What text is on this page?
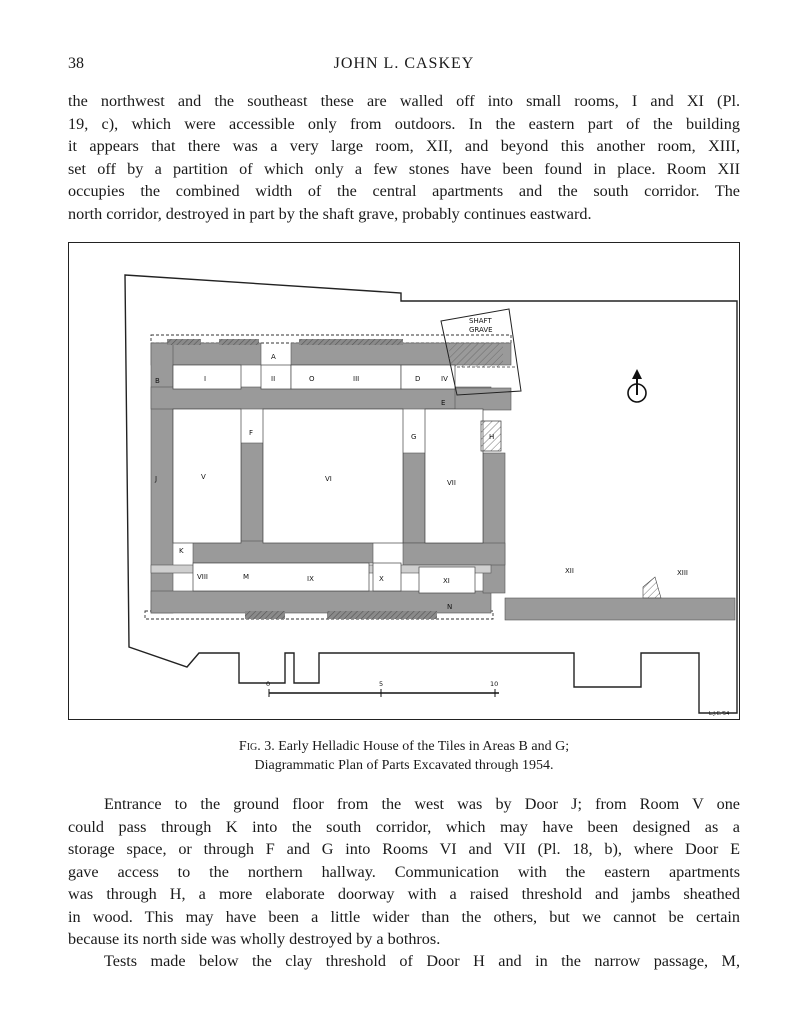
38	JOHN L. CASKEY
the northwest and the southeast these are walled off into small rooms, I and XI (Pl.
19, c), which were accessible only from outdoors. In the eastern part of the building
it appears that there was a very large room, XII, and beyond this another room, XIII,
set off by a partition of which only a few stones have been found in place. Room XII
occupies the combined width of the central apartments and the south corridor. The
north corridor, destroyed in part by the shaft grave, probably continues eastward.
0	5	10
SHAFT
GRAVE
A
B	I	II	O	III	D	IV
E
F	G	H
J	V	VI	VII
K
VIII	M	IX	X	XI
N
XII	XIII
L.J.C.'54
Fig. 3. Early Helladic House of the Tiles in Areas B and G;
Diagrammatic Plan of Parts Excavated through 1954.
Entrance to the ground floor from the west was by Door J; from Room V one
could pass through K into the south corridor, which may have been designed as a
storage space, or through F and G into Rooms VI and VII (Pl. 18, b), where Door E
gave access to the northern hallway. Communication with the eastern apartments
was through H, a more elaborate doorway with a raised threshold and jambs sheathed
in wood. This may have been a little wider than the others, but we cannot be certain
because its north side was wholly destroyed by a bothros.
Tests made below the clay threshold of Door H and in the narrow passage, M,
